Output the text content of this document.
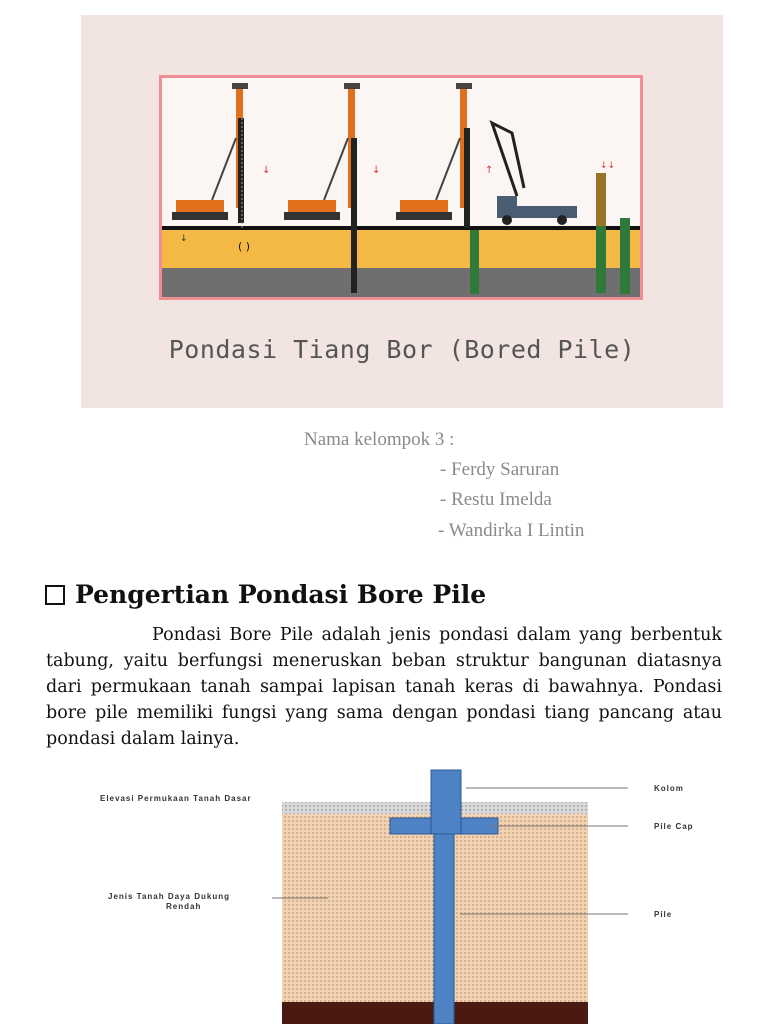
↓
( )
↓
↓	↑	↓↓
Pondasi Tiang Bor (Bored Pile)
Nama kelompok 3 :
- Ferdy Saruran
- Restu Imelda
- Wandirka I Lintin
Pengertian Pondasi Bore Pile
Pondasi Bore Pile adalah jenis pondasi dalam yang berbentuk tabung, yaitu berfungsi meneruskan beban struktur bangunan diatasnya dari permukaan tanah sampai lapisan tanah keras di bawahnya. Pondasi bore pile memiliki fungsi yang sama dengan pondasi tiang pancang atau pondasi dalam lainya.
Elevasi Permukaan Tanah Dasar
Jenis Tanah Daya Dukung
Rendah
Kolom
Pile Cap
Pile
